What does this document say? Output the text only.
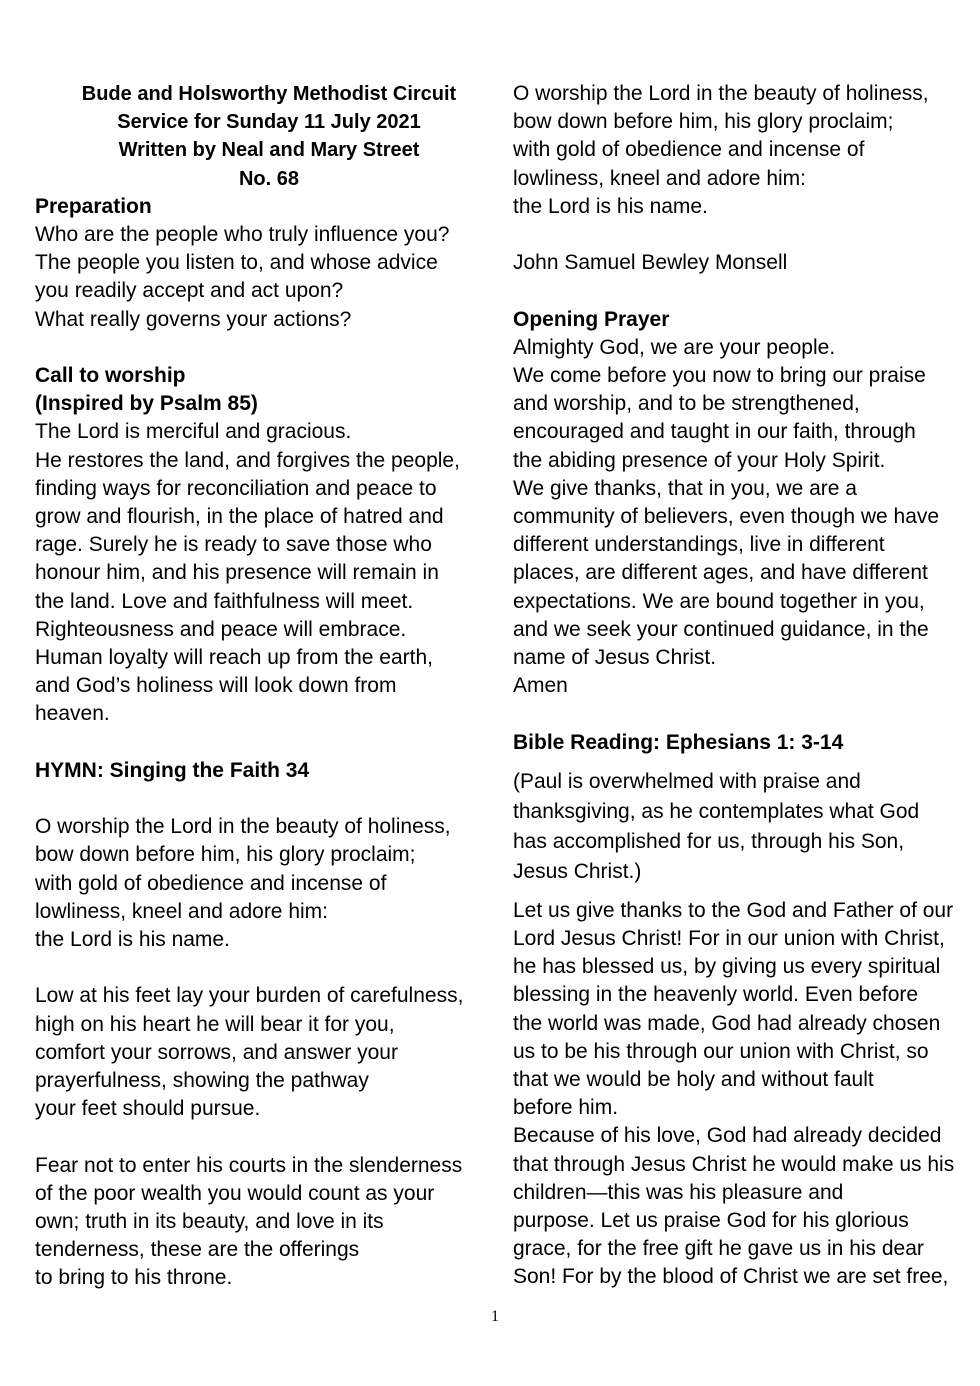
Bude and Holsworthy Methodist Circuit
Service for Sunday 11 July 2021
Written by Neal and Mary Street
No. 68
Preparation
Who are the people who truly influence you?
The people you listen to, and whose advice
you readily accept and act upon?
What really governs your actions?
Call to worship
(Inspired by Psalm 85)
The Lord is merciful and gracious.
He restores the land, and forgives the people,
finding ways for reconciliation and peace to
grow and flourish, in the place of hatred and
rage. Surely he is ready to save those who
honour him, and his presence will remain in
the land. Love and faithfulness will meet.
Righteousness and peace will embrace.
Human loyalty will reach up from the earth,
and God’s holiness will look down from
heaven.
HYMN: Singing the Faith 34
O worship the Lord in the beauty of holiness,
bow down before him, his glory proclaim;
with gold of obedience and incense of
lowliness, kneel and adore him:
the Lord is his name.
Low at his feet lay your burden of carefulness,
high on his heart he will bear it for you,
comfort your sorrows, and answer your
prayerfulness, showing the pathway
your feet should pursue.
Fear not to enter his courts in the slenderness
of the poor wealth you would count as your
own; truth in its beauty, and love in its
tenderness, these are the offerings
to bring to his throne.
O worship the Lord in the beauty of holiness,
bow down before him, his glory proclaim;
with gold of obedience and incense of
lowliness, kneel and adore him:
the Lord is his name.
John Samuel Bewley Monsell
Opening Prayer
Almighty God, we are your people.
We come before you now to bring our praise
and worship, and to be strengthened,
encouraged and taught in our faith, through
the abiding presence of your Holy Spirit.
We give thanks, that in you, we are a
community of believers, even though we have
different understandings, live in different
places, are different ages, and have different
expectations. We are bound together in you,
and we seek your continued guidance, in the
name of Jesus Christ.
Amen
Bible Reading: Ephesians 1: 3-14
(Paul is overwhelmed with praise and
thanksgiving, as he contemplates what God
has accomplished for us, through his Son,
Jesus Christ.)
Let us give thanks to the God and Father of our
Lord Jesus Christ! For in our union with Christ,
he has blessed us, by giving us every spiritual
blessing in the heavenly world. Even before
the world was made, God had already chosen
us to be his through our union with Christ, so
that we would be holy and without fault
before him.
Because of his love, God had already decided
that through Jesus Christ he would make us his
children—this was his pleasure and
purpose. Let us praise God for his glorious
grace, for the free gift he gave us in his dear
Son! For by the blood of Christ we are set free,
1
